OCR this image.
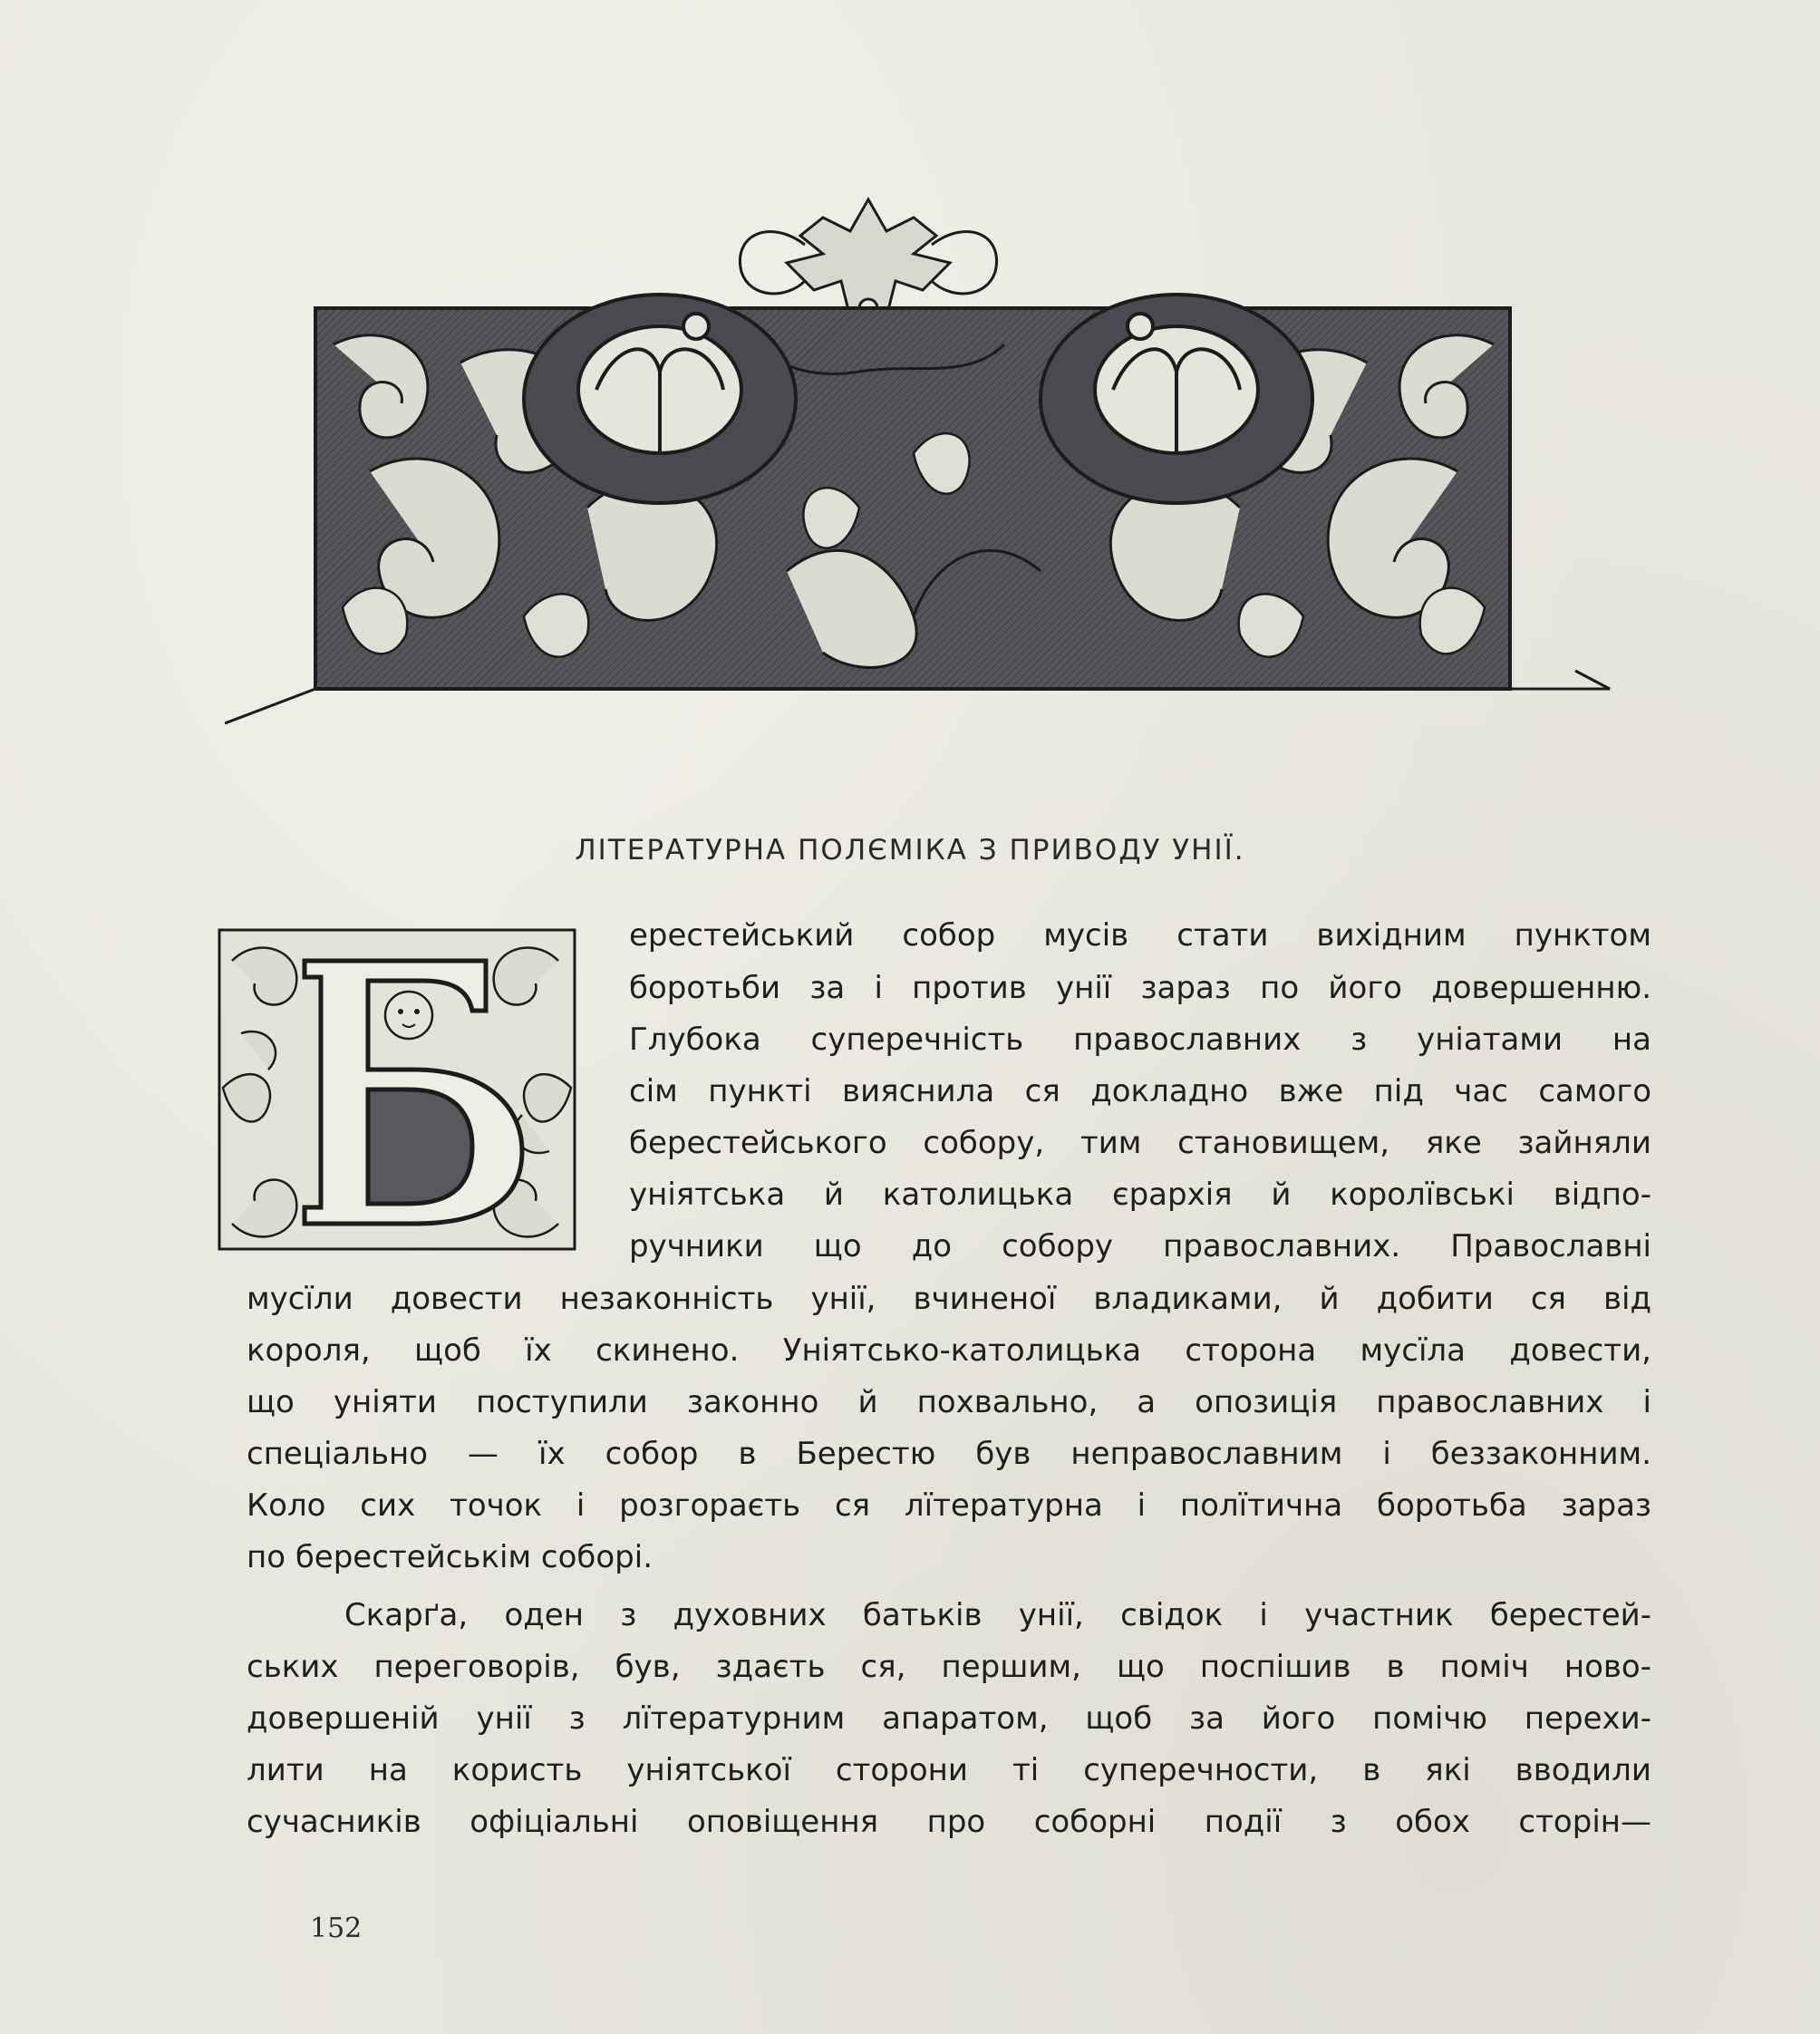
ЛІТЕРАТУРНА ПОЛЄМІКА З ПРИВОДУ УНІЇ.
ерестейський собор мусів стати вихідним пунктом
боротьби за і против унії зараз по його довершенню.
Глубока суперечність православних з уніатами на
сім пункті вияснила ся докладно вже під час самого
берестейського собору, тим становищем, яке зайняли
уніятська й католицька єрархія й королївські відпо-
ручники що до собору православних. Православні
мусїли довести незаконність унії, вчиненої владиками, й добити ся від
короля, щоб їх скинено. Уніятсько-католицька сторона мусїла довести,
що уніяти поступили законно й похвально, а опозиція православних і
спеціально — їх собор в Берестю був неправославним і беззаконним.
Коло сих точок і розгораєть ся лїтературна і полїтична боротьба зараз
по берестейськім соборі.
Скарґа, оден з духовних батьків унії, свідок і участник берестей-
ських переговорів, був, здаєть ся, першим, що поспішив в поміч ново-
довершеній унії з лїтературним апаратом, щоб за його помічю перехи-
лити на користь уніятської сторони ті суперечности, в які вводили
сучасників офіціальні оповіщення про соборні події з обох сторін—
152
